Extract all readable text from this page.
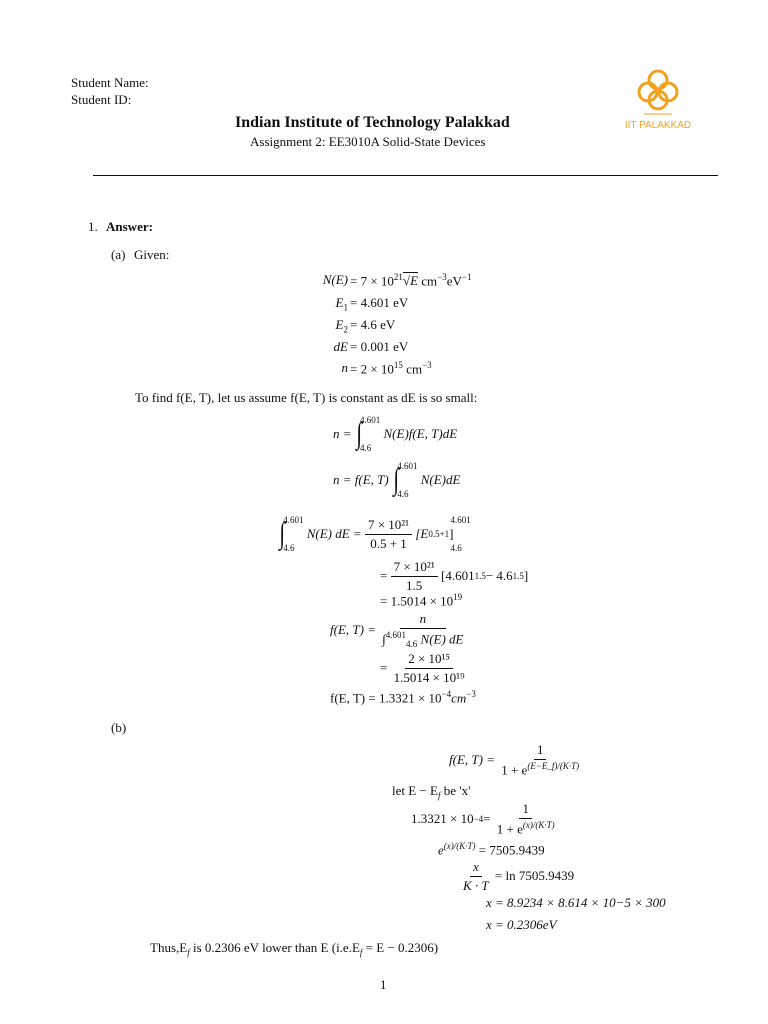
Student Name:
Student ID:
Indian Institute of Technology Palakkad
Assignment 2: EE3010A Solid-State Devices
IIT PALAKKAD
1. Answer:
(a) Given:
$N(E) = 7 \times 10^{21}√E$ $cm^{-3}eV^{-1}$
$E_1 = 4.601$ eV
$E_2 = 4.6$ eV
dE = 0.001 eV
$n = 2 \times 10^{15}$ $cm^{-3}$
To find f(E, T), let us assume f(E, T) is constant as dE is so small:
n =
∫
4.601
4.6

N(E)f(E, T)dE
n = f(E, T)
∫
4.601
4.6

N(E)dE
∫
4.601
4.6

N(E) dE =
$\frac{\text{7 × 10²¹}}{0.5 + 1}$
[E 0.5+1 ]
4.601
4.6
=
$\frac{\text{7 × 10²¹}}{1.5}$
[4.601 1.5 − 4.6 1.5 ]
= $1.5014 \times 10^{19}$
f(E, T) =
$\frac{n}{\int^{4.601}_{4.6} N(E) dE}$
=
$\frac{\text{2 × 10¹⁵}}{\text{1.5014 × 10¹⁹}}$
f(E, $T) = 1.3321 \times 10^{-4}cm^{-3}$
(b)
f(E, T) =
$\frac{1}{1 + e^{(E-E\_f)/(K\cdot T)}}$
let $E - E_f$ be 'x'
1.3321 × 10 −4 =
$\frac{1}{1 + e^{(x)/(K\cdot T)}}$
$e^{(x)/(K\cdot T)} = 7505.9439$
$\frac{x}{K \cdot T}$
= ln 7505.9439
x = 8.9234 × 8.614 × 10−5 × 300
x = 0.2306eV
$Thus,E_f$ is 0.2306 eV lower than E $(i.e.E_f = E - 0.2306)$
1
